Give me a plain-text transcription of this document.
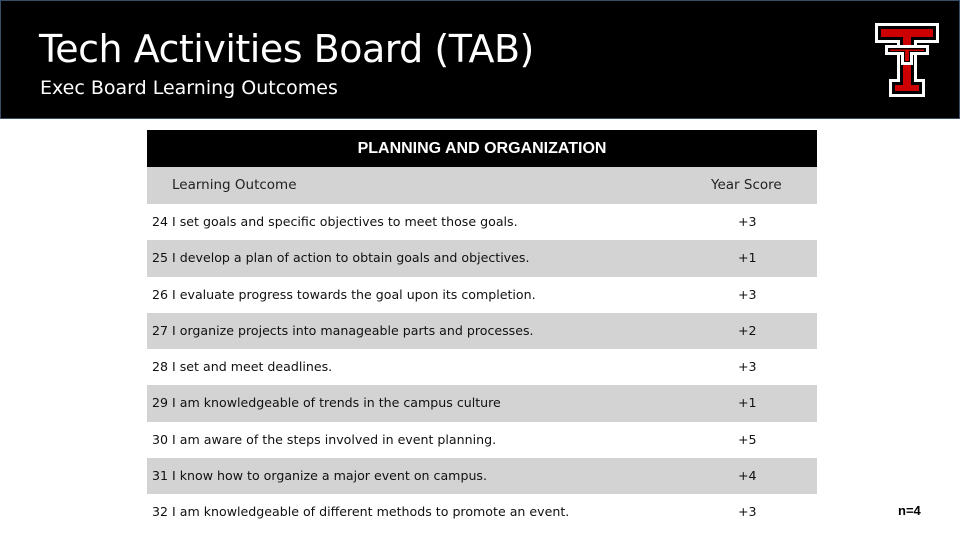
Tech Activities Board (TAB)
Exec Board Learning Outcomes
PLANNING AND ORGANIZATION
Learning Outcome	Year Score
24 I set goals and specific objectives to meet those goals.	+3
25 I develop a plan of action to obtain goals and objectives.	+1
26 I evaluate progress towards the goal upon its completion.	+3
27 I organize projects into manageable parts and processes.	+2
28 I set and meet deadlines.	+3
29 I am knowledgeable of trends in the campus culture	+1
30 I am aware of the steps involved in event planning.	+5
31 I know how to organize a major event on campus.	+4
32 I am knowledgeable of different methods to promote an event.	+3	n=4
